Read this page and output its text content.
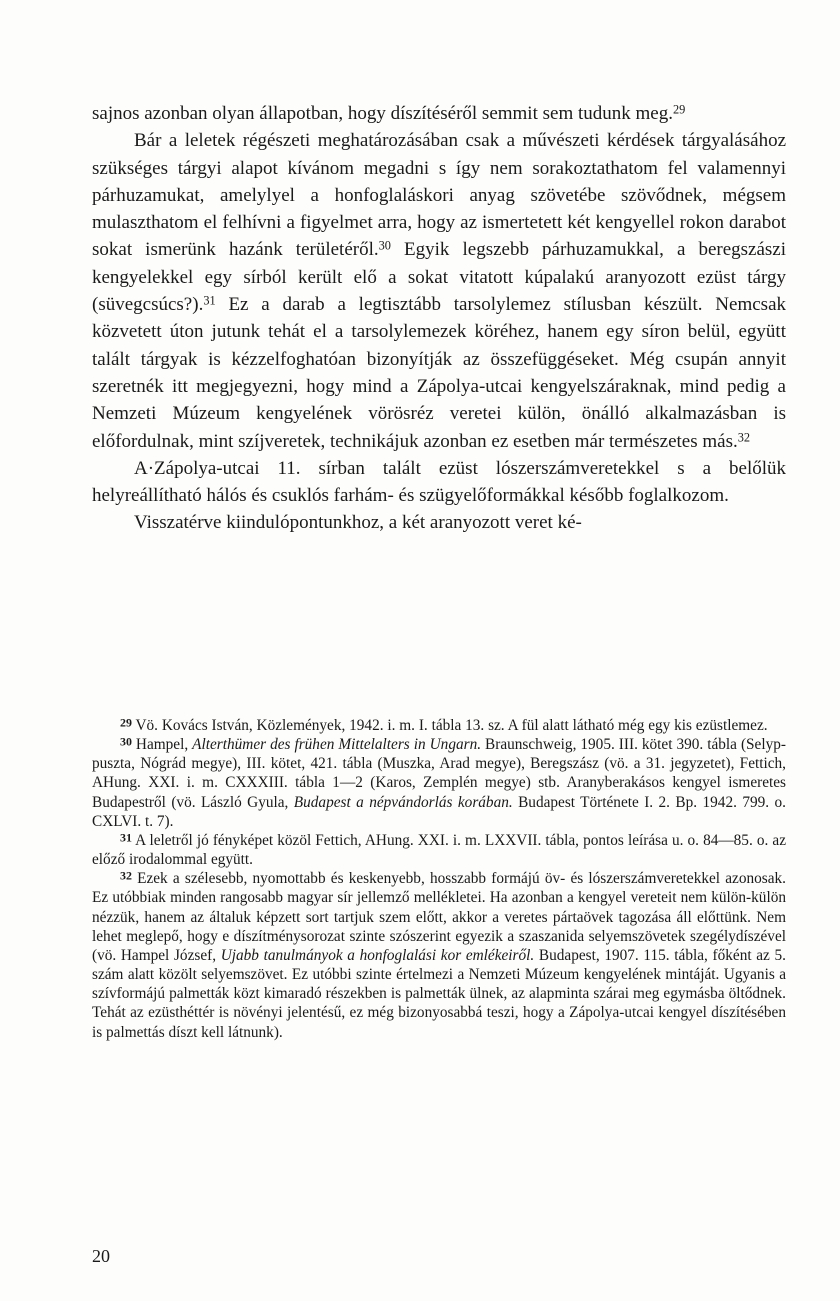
sajnos azonban olyan állapotban, hogy díszítéséről semmit sem tudunk meg.$^{29}$

Bár a leletek régészeti meghatározásában csak a művészeti kérdések tárgyalásához szükséges tárgyi alapot kívánom megadni s így nem sorakoztathatom fel valamennyi párhuzamukat, amelylyel a honfoglaláskori anyag szövetébe szövődnek, mégsem mulaszthatom el felhívni a figyelmet arra, hogy az ismertetett két kengyellel rokon darabot sokat ismerünk hazánk területéről.$^{30}$ Egyik legszebb párhuzamukkal, a beregszászi kengyelekkel egy sírból került elő a sokat vitatott kúpalakú aranyozott ezüst tárgy (süvegcsúcs?).$^{31}$ Ez a darab a legtisztább tarsolylemez stílusban készült. Nemcsak közvetett úton jutunk tehát el a tarsolylemezek köréhez, hanem egy síron belül, együtt talált tárgyak is kézzelfoghatóan bizonyítják az összefüggéseket. Még csupán annyit szeretnék itt megjegyezni, hogy mind a Zápolya-utcai kengyelszáraknak, mind pedig a Nemzeti Múzeum kengyelének vörösréz veretei külön, önálló alkalmazásban is előfordulnak, mint szíjveretek, technikájuk azonban ez esetben már természetes más.$^{32}$

A·Zápolya-utcai 11. sírban talált ezüst lószerszámveretekkel s a belőlük helyreállítható hálós és csuklós farhám- és szügyelőformákkal később foglalkozom.

Visszatérve kiindulópontunkhoz, a két aranyozott veret ké-

$^{29}$ Vö. Kovács István, Közlemények, 1942. i. m. I. tábla 13. sz. A fül alatt látható még egy kis ezüstlemez.

$^{30}$ Hampel, Alterthümer des frühen Mittelalters in Ungarn. Braunschweig, 1905. III. kötet 390. tábla (Selyp-puszta, Nógrád megye), III. kötet, 421. tábla (Muszka, Arad megye), Beregszász (vö. a 31. jegyzetet), Fettich, AHung. XXI. i. m. CXXXIII. tábla 1—2 (Karos, Zemplén megye) stb. Aranyberakásos kengyel ismeretes Budapestről (vö. László Gyula, Budapest a népvándorlás korában. Budapest Története I. 2. Bp. 1942. 799. o. CXLVI. t. 7).

$^{31}$ A leletről jó fényképet közöl Fettich, AHung. XXI. i. m. LXXVII. tábla, pontos leírása u. o. 84—85. o. az előző irodalommal együtt.

$^{32}$ Ezek a szélesebb, nyomottabb és keskenyebb, hosszabb formájú öv- és lószerszámveretekkel azonosak. Ez utóbbiak minden rangosabb magyar sír jellemző mellékletei. Ha azonban a kengyel vereteit nem külön-külön nézzük, hanem az általuk képzett sort tartjuk szem előtt, akkor a veretes pártaövek tagozása áll előttünk. Nem lehet meglepő, hogy e díszítménysorozat szinte szószerint egyezik a szaszanida selyemszövetek szegélydíszével (vö. Hampel József, Ujabb tanulmányok a honfoglalási kor emlékeiről. Budapest, 1907. 115. tábla, főként az 5. szám alatt közölt selyemszövet. Ez utóbbi szinte értelmezi a Nemzeti Múzeum kengyelének mintáját. Ugyanis a szívformájú palmetták közt kimaradó részekben is palmetták ülnek, az alapminta szárai meg egymásba öltődnek. Tehát az ezüsthéttér is növényi jelentésű, ez még bizonyosabbá teszi, hogy a Zápolya-utcai kengyel díszítésében is palmettás díszt kell látnunk).

20
